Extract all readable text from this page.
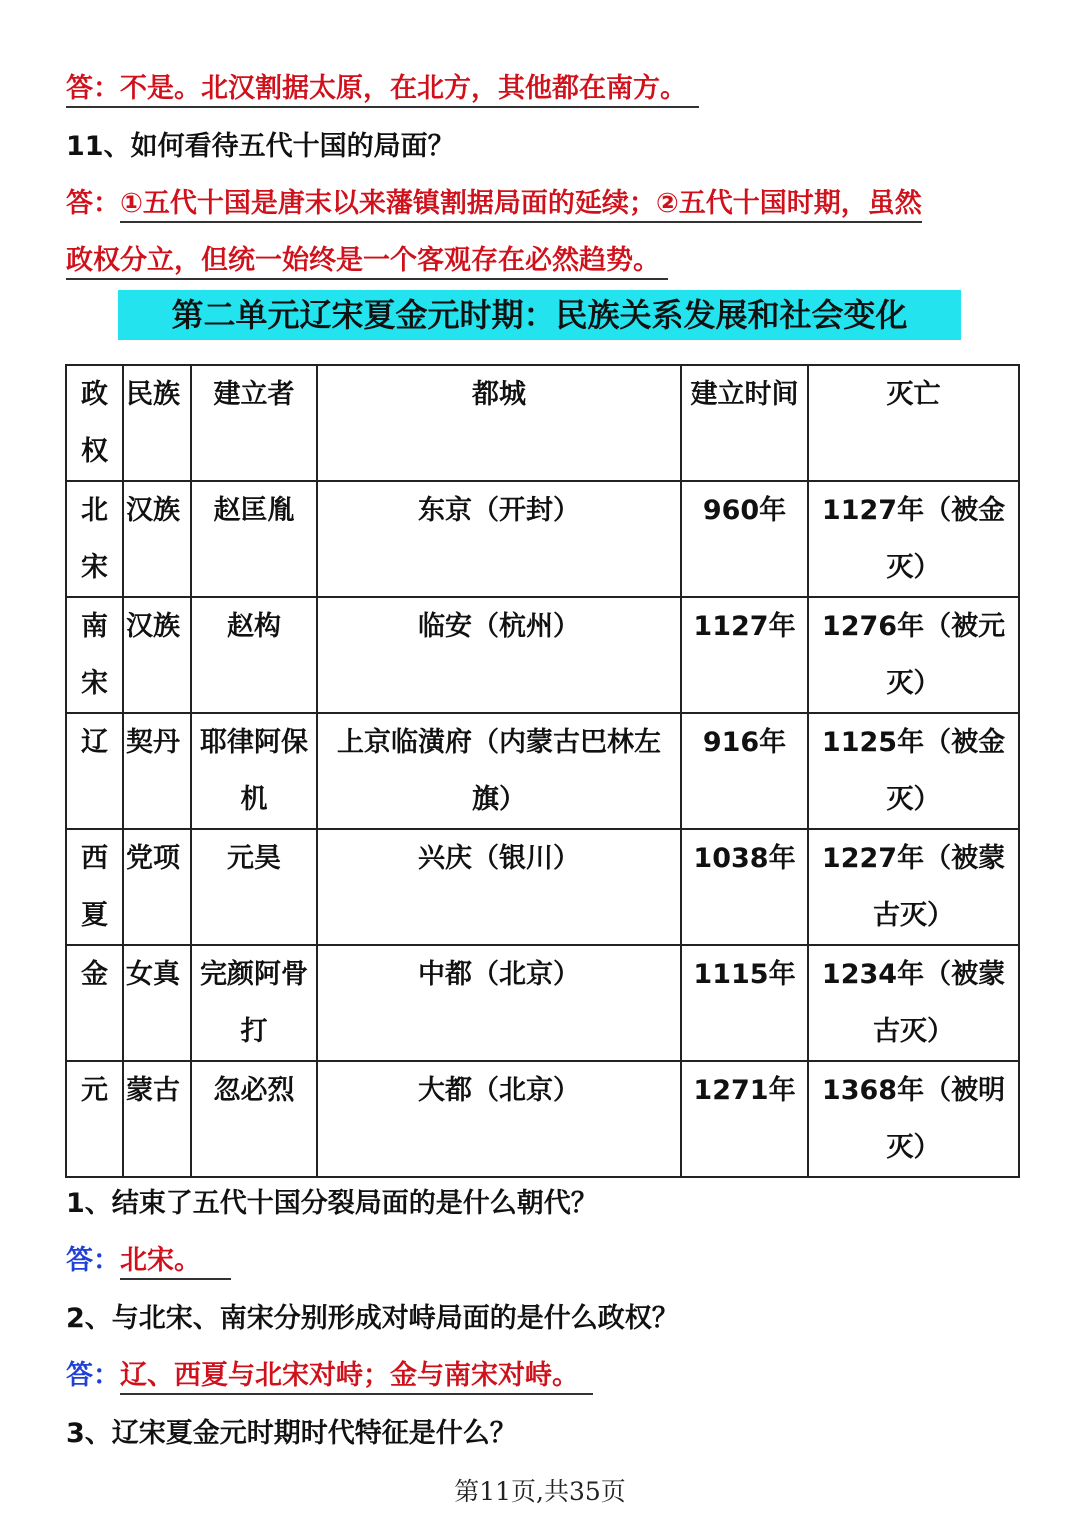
答：不是。北汉割据太原，在北方，其他都在南方。
11、如何看待五代十国的局面？
答：①五代十国是唐末以来藩镇割据局面的延续；②五代十国时期，虽然
政权分立，但统一始终是一个客观存在必然趋势。
第二单元辽宋夏金元时期：民族关系发展和社会变化
政权	民族	建立者	都城	建立时间	灭亡
北宋	汉族	赵匡胤	东京（开封）	960年	1127年（被金灭）
南宋	汉族	赵构	临安（杭州）	1127年	1276年（被元灭）
辽	契丹	耶律阿保机	上京临潢府（内蒙古巴林左旗）	916年	1125年（被金灭）
西夏	党项	元昊	兴庆（银川）	1038年	1227年（被蒙古灭）
金	女真	完颜阿骨打	中都（北京）	1115年	1234年（被蒙古灭）
元	蒙古	忽必烈	大都（北京）	1271年	1368年（被明灭）
1、结束了五代十国分裂局面的是什么朝代？
答：北宋。
2、与北宋、南宋分别形成对峙局面的是什么政权？
答：辽、西夏与北宋对峙；金与南宋对峙。
3、辽宋夏金元时期时代特征是什么？
第11页,共35页
